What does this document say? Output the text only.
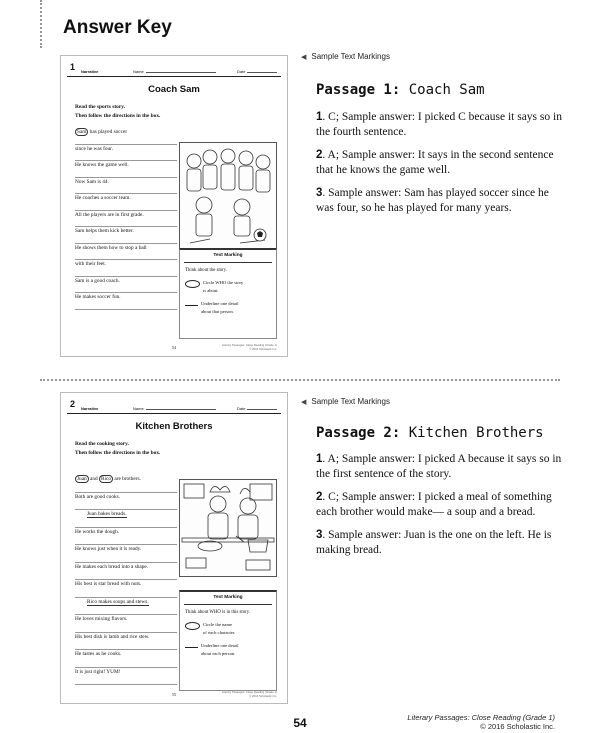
Answer Key
1 Narrative	Name	Date
Coach Sam
Read the sports story.
Then follow the directions in the box.
Sam has played soccer
since he was four.
He knows the game well.
Now Sam is 44.
He coaches a soccer team.
All the players are in first grade.
Sam helps them kick better.
He shows them how to stop a ball
with their feet.
Sam is a good coach.
He makes soccer fun.
Text Marking
Think about the story.
Circle WHO the story
is about.
Underline one detail
about that person.
54	Literary Passages: Close Reading (Grade 1)
© 2016 Scholastic Inc.
◀ Sample Text Markings
Passage 1: Coach Sam

1. C; Sample answer: I picked C because it says so in the fourth sentence.

2. A; Sample answer: It says in the second sentence that he knows the game well.

3. Sample answer: Sam has played soccer since he was four, so he has played for many years.

2 Narrative	Name	Date
Kitchen Brothers
Read the cooking story.
Then follow the directions in the box.
Juan and Rico are brothers.
Both are good cooks.
Juan bakes breads.
He works the dough.
He knows just when it is ready.
He makes each bread into a shape.
His best is star bread with nuts.
Rico makes soups and stews.
He loves mixing flavors.
His best dish is lamb and rice stew.
He tastes as he cooks.
It is just right! YUM!
Text Marking
Think about WHO is in this story.
Circle the name
of each character.
Underline one detail
about each person.
55	Literary Passages: Close Reading (Grade 1)
© 2016 Scholastic Inc.
◀ Sample Text Markings
Passage 2: Kitchen Brothers

1. A; Sample answer: I picked A because it says so in the first sentence of the story.

2. C; Sample answer: I picked a meal of something each brother would make— a soup and a bread.

3. Sample answer: Juan is the one on the left. He is making bread.

54	Literary Passages: Close Reading (Grade 1)
© 2016 Scholastic Inc.
